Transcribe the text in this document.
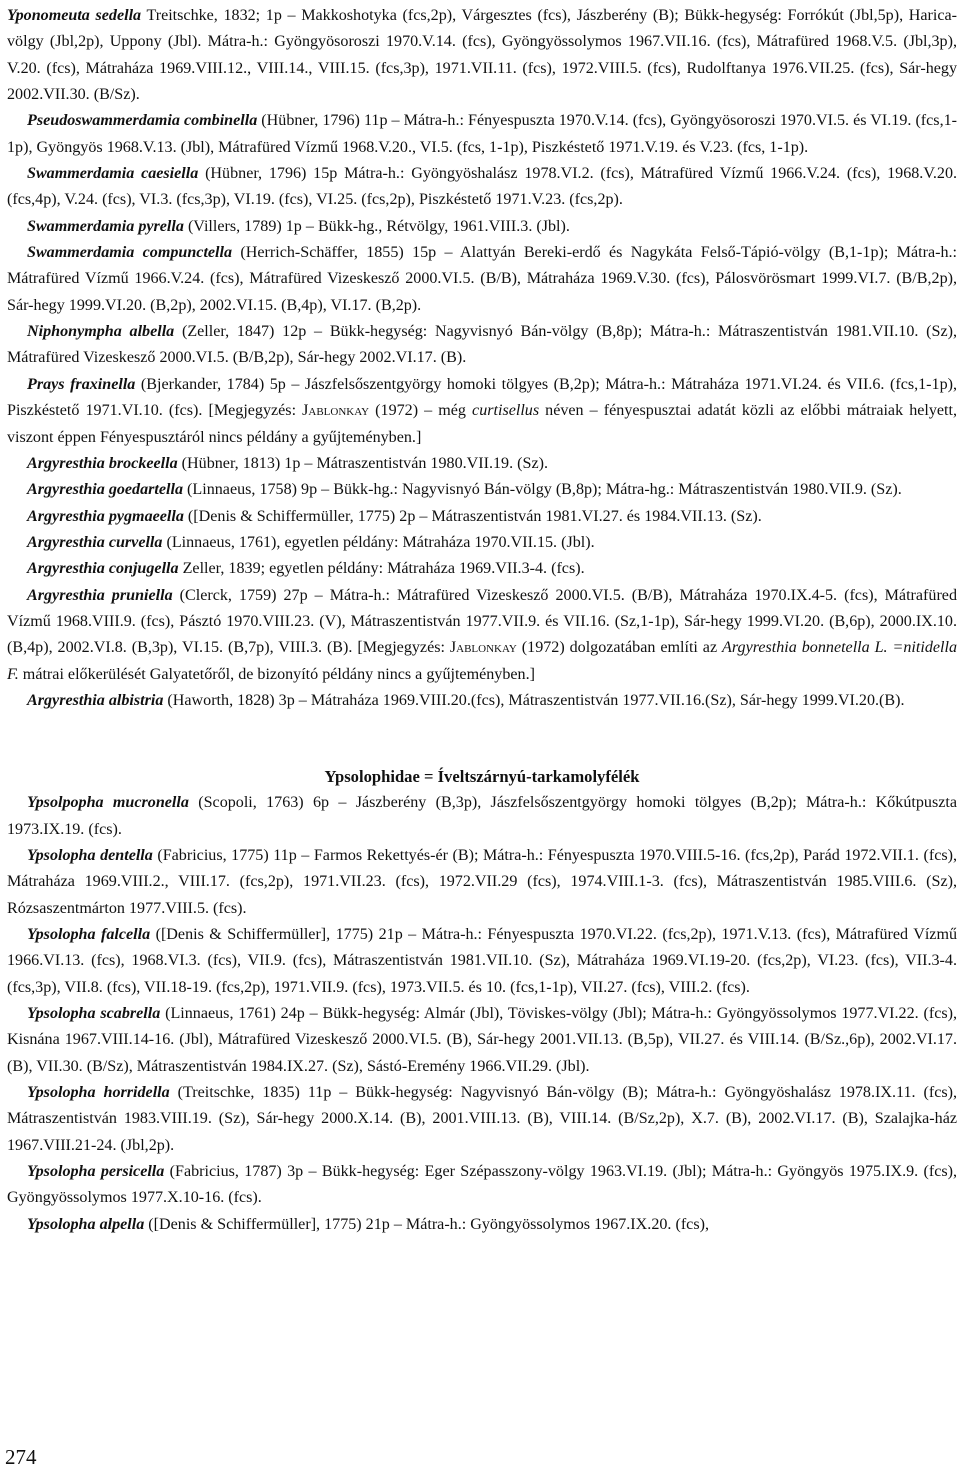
Yponomeuta sedella Treitschke, 1832; 1p – Makkoshotyka (fcs,2p), Várgesztes (fcs), Jászberény (B); Bükk-hegység: Forrókút (Jbl,5p), Harica-völgy (Jbl,2p), Uppony (Jbl). Mátra-h.: Gyöngyösoroszi 1970.V.14. (fcs), Gyöngyössolymos 1967.VII.16. (fcs), Mátrafüred 1968.V.5. (Jbl,3p), V.20. (fcs), Mátraháza 1969.VIII.12., VIII.14., VIII.15. (fcs,3p), 1971.VII.11. (fcs), 1972.VIII.5. (fcs), Rudolftanya 1976.VII.25. (fcs), Sár-hegy 2002.VII.30. (B/Sz).

Pseudoswammerdamia combinella (Hübner, 1796) 11p – Mátra-h.: Fényespuszta 1970.V.14. (fcs), Gyöngyösoroszi 1970.VI.5. és VI.19. (fcs,1-1p), Gyöngyös 1968.V.13. (Jbl), Mátrafüred Vízmű 1968.V.20., VI.5. (fcs, 1-1p), Piszkéstető 1971.V.19. és V.23. (fcs, 1-1p).

Swammerdamia caesiella (Hübner, 1796) 15p Mátra-h.: Gyöngyöshalász 1978.VI.2. (fcs), Mátrafüred Vízmű 1966.V.24. (fcs), 1968.V.20. (fcs,4p), V.24. (fcs), VI.3. (fcs,3p), VI.19. (fcs), VI.25. (fcs,2p), Piszkéstető 1971.V.23. (fcs,2p).

Swammerdamia pyrella (Villers, 1789) 1p – Bükk-hg., Rétvölgy, 1961.VIII.3. (Jbl).

Swammerdamia compunctella (Herrich-Schäffer, 1855) 15p – Alattyán Bereki-erdő és Nagykáta Felső-Tápió-völgy (B,1-1p); Mátra-h.: Mátrafüred Vízmű 1966.V.24. (fcs), Mátrafüred Vizeskesző 2000.VI.5. (B/B), Mátraháza 1969.V.30. (fcs), Pálosvörösmart 1999.VI.7. (B/B,2p), Sár-hegy 1999.VI.20. (B,2p), 2002.VI.15. (B,4p), VI.17. (B,2p).

Niphonympha albella (Zeller, 1847) 12p – Bükk-hegység: Nagyvisnyó Bán-völgy (B,8p); Mátra-h.: Mátraszentistván 1981.VII.10. (Sz), Mátrafüred Vizeskesző 2000.VI.5. (B/B,2p), Sár-hegy 2002.VI.17. (B).

Prays fraxinella (Bjerkander, 1784) 5p – Jászfelsőszentgyörgy homoki tölgyes (B,2p); Mátra-h.: Mátraháza 1971.VI.24. és VII.6. (fcs,1-1p), Piszkéstető 1971.VI.10. (fcs). [Megjegyzés: Jablonkay (1972) – még curtisellus néven – fényespusztai adatát közli az előbbi mátraiak helyett, viszont éppen Fényespusztáról nincs példány a gyűjteményben.]

Argyresthia brockeella (Hübner, 1813) 1p – Mátraszentistván 1980.VII.19. (Sz).

Argyresthia goedartella (Linnaeus, 1758) 9p – Bükk-hg.: Nagyvisnyó Bán-völgy (B,8p); Mátra-hg.: Mátraszentistván 1980.VII.9. (Sz).

Argyresthia pygmaeella ([Denis & Schiffermüller, 1775) 2p – Mátraszentistván 1981.VI.27. és 1984.VII.13. (Sz).

Argyresthia curvella (Linnaeus, 1761), egyetlen példány: Mátraháza 1970.VII.15. (Jbl).

Argyresthia conjugella Zeller, 1839; egyetlen példány: Mátraháza 1969.VII.3-4. (fcs).

Argyresthia pruniella (Clerck, 1759) 27p – Mátra-h.: Mátrafüred Vizeskesző 2000.VI.5. (B/B), Mátraháza 1970.IX.4-5. (fcs), Mátrafüred Vízmű 1968.VIII.9. (fcs), Pásztó 1970.VIII.23. (V), Mátraszentistván 1977.VII.9. és VII.16. (Sz,1-1p), Sár-hegy 1999.VI.20. (B,6p), 2000.IX.10. (B,4p), 2002.VI.8. (B,3p), VI.15. (B,7p), VIII.3. (B). [Megjegyzés: Jablonkay (1972) dolgozatában említi az Argyresthia bonnetella L. =nitidella F. mátrai előkerülését Galyatetőről, de bizonyító példány nincs a gyűjteményben.]

Argyresthia albistria (Haworth, 1828) 3p – Mátraháza 1969.VIII.20.(fcs), Mátraszentistván 1977.VII.16.(Sz), Sár-hegy 1999.VI.20.(B).

Ypsolophidae = Íveltszárnyú-tarkamolyfélék

Ypsolpopha mucronella (Scopoli, 1763) 6p – Jászberény (B,3p), Jászfelsőszentgyörgy homoki tölgyes (B,2p); Mátra-h.: Kőkútpuszta 1973.IX.19. (fcs).

Ypsolopha dentella (Fabricius, 1775) 11p – Farmos Rekettyés-ér (B); Mátra-h.: Fényespuszta 1970.VIII.5-16. (fcs,2p), Parád 1972.VII.1. (fcs), Mátraháza 1969.VIII.2., VIII.17. (fcs,2p), 1971.VII.23. (fcs), 1972.VII.29 (fcs), 1974.VIII.1-3. (fcs), Mátraszentistván 1985.VIII.6. (Sz), Rózsaszentmárton 1977.VIII.5. (fcs).

Ypsolopha falcella ([Denis & Schiffermüller], 1775) 21p – Mátra-h.: Fényespuszta 1970.VI.22. (fcs,2p), 1971.V.13. (fcs), Mátrafüred Vízmű 1966.VI.13. (fcs), 1968.VI.3. (fcs), VII.9. (fcs), Mátraszentistván 1981.VII.10. (Sz), Mátraháza 1969.VI.19-20. (fcs,2p), VI.23. (fcs), VII.3-4. (fcs,3p), VII.8. (fcs), VII.18-19. (fcs,2p), 1971.VII.9. (fcs), 1973.VII.5. és 10. (fcs,1-1p), VII.27. (fcs), VIII.2. (fcs).

Ypsolopha scabrella (Linnaeus, 1761) 24p – Bükk-hegység: Almár (Jbl), Töviskes-völgy (Jbl); Mátra-h.: Gyöngyössolymos 1977.VI.22. (fcs), Kisnána 1967.VIII.14-16. (Jbl), Mátrafüred Vizeskesző 2000.VI.5. (B), Sár-hegy 2001.VII.13. (B,5p), VII.27. és VIII.14. (B/Sz.,6p), 2002.VI.17. (B), VII.30. (B/Sz), Mátraszentistván 1984.IX.27. (Sz), Sástó-Eremény 1966.VII.29. (Jbl).

Ypsolopha horridella (Treitschke, 1835) 11p – Bükk-hegység: Nagyvisnyó Bán-völgy (B); Mátra-h.: Gyöngyöshalász 1978.IX.11. (fcs), Mátraszentistván 1983.VIII.19. (Sz), Sár-hegy 2000.X.14. (B), 2001.VIII.13. (B), VIII.14. (B/Sz,2p), X.7. (B), 2002.VI.17. (B), Szalajka-ház 1967.VIII.21-24. (Jbl,2p).

Ypsolopha persicella (Fabricius, 1787) 3p – Bükk-hegység: Eger Szépasszony-völgy 1963.VI.19. (Jbl); Mátra-h.: Gyöngyös 1975.IX.9. (fcs), Gyöngyössolymos 1977.X.10-16. (fcs).

Ypsolopha alpella ([Denis & Schiffermüller], 1775) 21p – Mátra-h.: Gyöngyössolymos 1967.IX.20. (fcs),

274
